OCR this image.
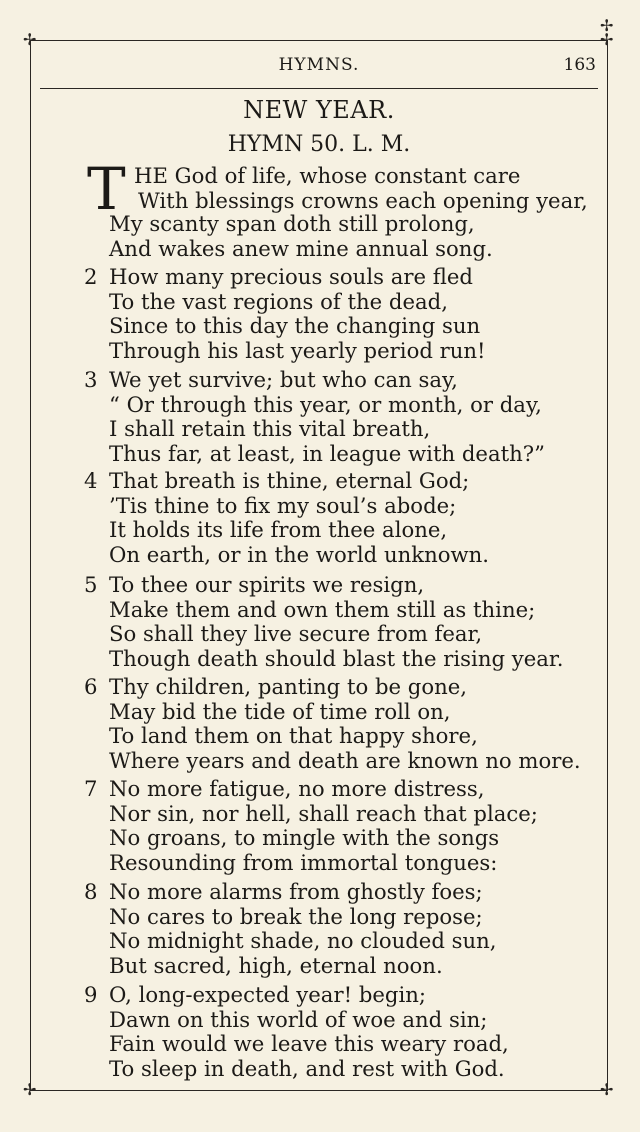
✢
✢
✢
✢	✢
HYMNS.	163
NEW YEAR.
HYMN 50. L. M.
T HE God of life, whose constant care
With blessings crowns each opening year,
My scanty span doth still prolong,
And wakes anew mine annual song.
2 How many precious souls are fled
To the vast regions of the dead,
Since to this day the changing sun
Through his last yearly period run!
3 We yet survive; but who can say,
“ Or through this year, or month, or day,
I shall retain this vital breath,
Thus far, at least, in league with death?”
4 That breath is thine, eternal God;
’Tis thine to fix my soul’s abode;
It holds its life from thee alone,
On earth, or in the world unknown.
5 To thee our spirits we resign,
Make them and own them still as thine;
So shall they live secure from fear,
Though death should blast the rising year.
6 Thy children, panting to be gone,
May bid the tide of time roll on,
To land them on that happy shore,
Where years and death are known no more.
7 No more fatigue, no more distress,
Nor sin, nor hell, shall reach that place;
No groans, to mingle with the songs
Resounding from immortal tongues:
8 No more alarms from ghostly foes;
No cares to break the long repose;
No midnight shade, no clouded sun,
But sacred, high, eternal noon.
9 O, long-expected year! begin;
Dawn on this world of woe and sin;
Fain would we leave this weary road,
To sleep in death, and rest with God.
